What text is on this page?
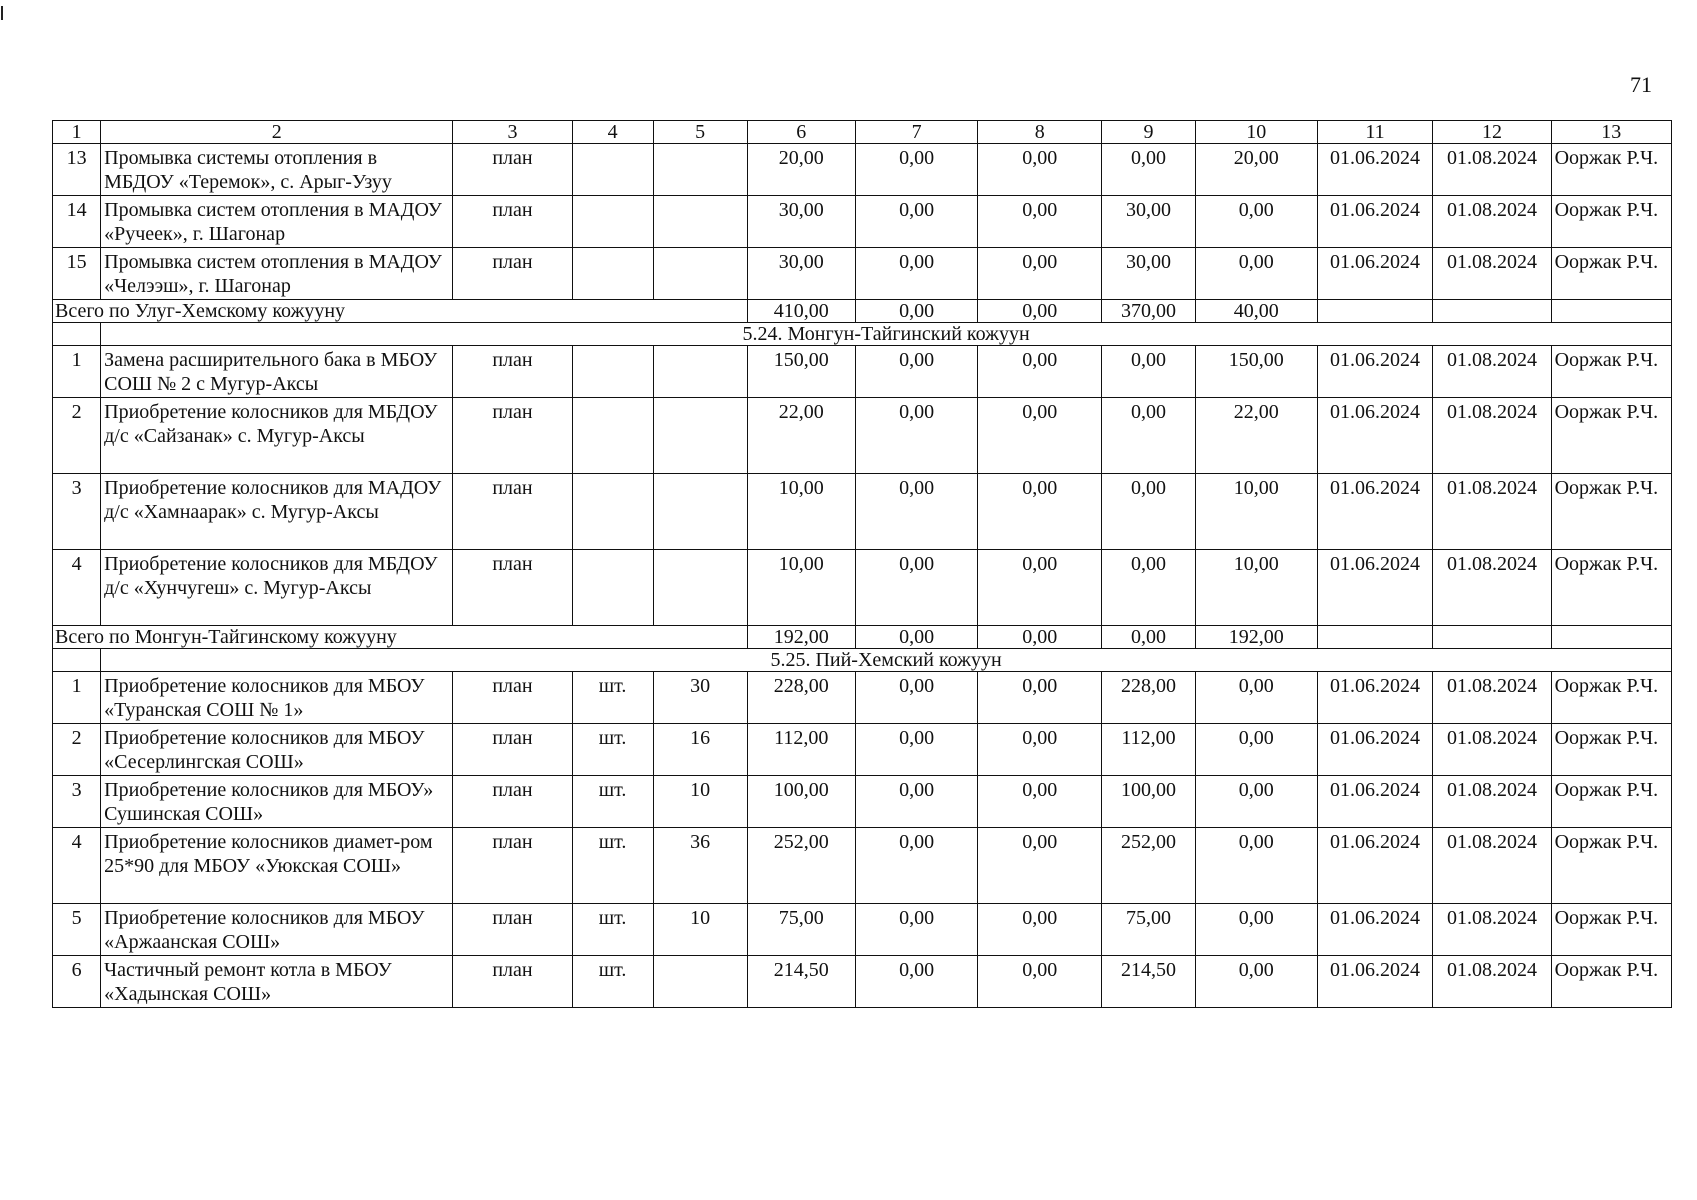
71
1	2	3	4	5	6	7	8	9	10	11	12	13
13	Промывка системы отопления в МБДОУ «Теремок», с. Арыг-Узуу	план			20,00	0,00	0,00	0,00	20,00	01.06.2024	01.08.2024	Ооржак Р.Ч.
14	Промывка систем отопления в МАДОУ «Ручеек», г. Шагонар	план			30,00	0,00	0,00	30,00	0,00	01.06.2024	01.08.2024	Ооржак Р.Ч.
15	Промывка систем отопления в МАДОУ «Челээш», г. Шагонар	план			30,00	0,00	0,00	30,00	0,00	01.06.2024	01.08.2024	Ооржак Р.Ч.
Всего по Улуг-Хемскому кожууну					410,00	0,00	0,00	370,00	40,00			
	5.24. Монгун-Тайгинский кожуун											
1	Замена расширительного бака в МБОУ СОШ № 2 с Мугур-Аксы	план			150,00	0,00	0,00	0,00	150,00	01.06.2024	01.08.2024	Ооржак Р.Ч.
2	Приобретение колосников для МБДОУ д/с «Сайзанак» с. Мугур-Аксы	план			22,00	0,00	0,00	0,00	22,00	01.06.2024	01.08.2024	Ооржак Р.Ч.
3	Приобретение колосников для МАДОУ д/с «Хамнаарак» с. Мугур-Аксы	план			10,00	0,00	0,00	0,00	10,00	01.06.2024	01.08.2024	Ооржак Р.Ч.
4	Приобретение колосников для МБДОУ д/с «Хунчугеш» с. Мугур-Аксы	план			10,00	0,00	0,00	0,00	10,00	01.06.2024	01.08.2024	Ооржак Р.Ч.
Всего по Монгун-Тайгинскому кожууну					192,00	0,00	0,00	0,00	192,00			
	5.25. Пий-Хемский кожуун											
1	Приобретение колосников для МБОУ «Туранская СОШ № 1»	план	шт.	30	228,00	0,00	0,00	228,00	0,00	01.06.2024	01.08.2024	Ооржак Р.Ч.
2	Приобретение колосников для МБОУ «Сесерлингская СОШ»	план	шт.	16	112,00	0,00	0,00	112,00	0,00	01.06.2024	01.08.2024	Ооржак Р.Ч.
3	Приобретение колосников для МБОУ» Сушинская СОШ»	план	шт.	10	100,00	0,00	0,00	100,00	0,00	01.06.2024	01.08.2024	Ооржак Р.Ч.
4	Приобретение колосников диамет-ром 25*90 для МБОУ «Уюкская СОШ»	план	шт.	36	252,00	0,00	0,00	252,00	0,00	01.06.2024	01.08.2024	Ооржак Р.Ч.
5	Приобретение колосников для МБОУ «Аржаанская СОШ»	план	шт.	10	75,00	0,00	0,00	75,00	0,00	01.06.2024	01.08.2024	Ооржак Р.Ч.
6	Частичный ремонт котла в МБОУ «Хадынская СОШ»	план	шт.		214,50	0,00	0,00	214,50	0,00	01.06.2024	01.08.2024	Ооржак Р.Ч.
